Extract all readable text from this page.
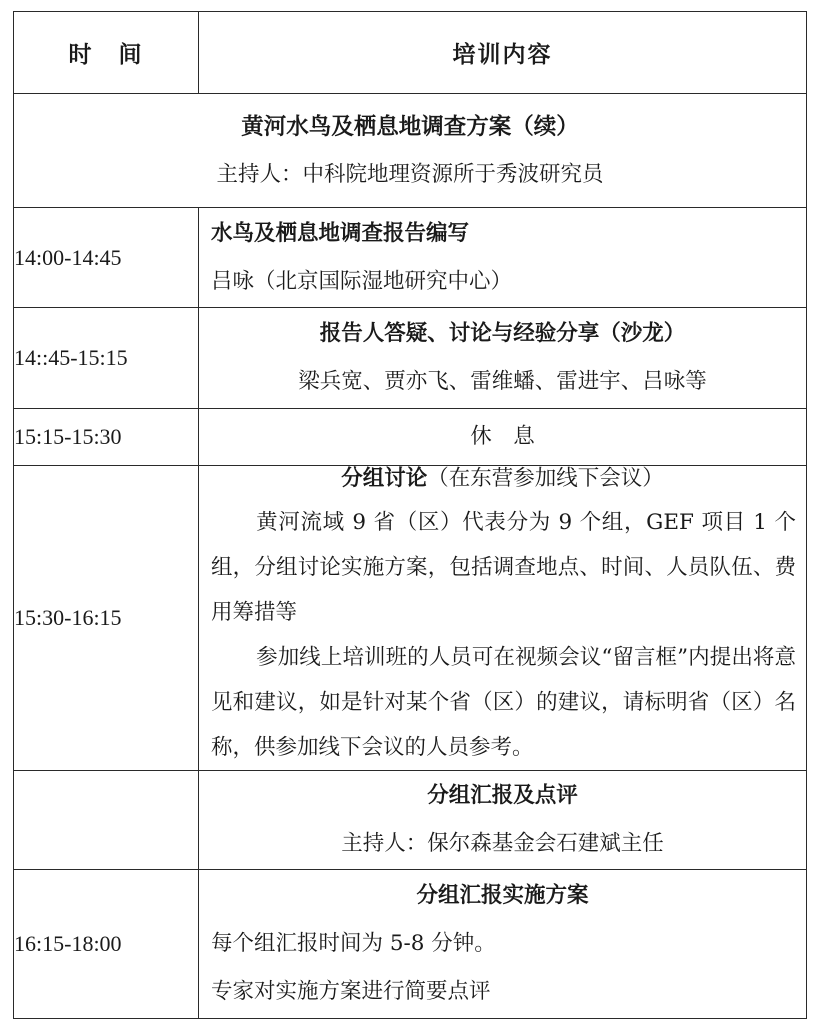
时　间	培训内容

黄河水鸟及栖息地调查方案（续）
主持人：中科院地理资源所于秀波研究员	

14:00-14:45	水鸟及栖息地调查报告编写
吕咏（北京国际湿地研究中心）

14::45-15:15	报告人答疑、讨论与经验分享（沙龙）
梁兵宽、贾亦飞、雷维蟠、雷进宇、吕咏等

15:15-15:30	休　息

15:30-16:15	分组讨论（在东营参加线下会议）
黄河流域 9 省（区）代表分为 9 个组，GEF 项目 1 个组，分组讨论实施方案，包括调查地点、时间、人员队伍、费用筹措等
参加线上培训班的人员可在视频会议“留言框”内提出将意见和建议，如是针对某个省（区）的建议，请标明省（区）名称，供参加线下会议的人员参考。

	分组汇报及点评
主持人：保尔森基金会石建斌主任

16:15-18:00	分组汇报实施方案
每个组汇报时间为 5-8 分钟。
专家对实施方案进行简要点评
